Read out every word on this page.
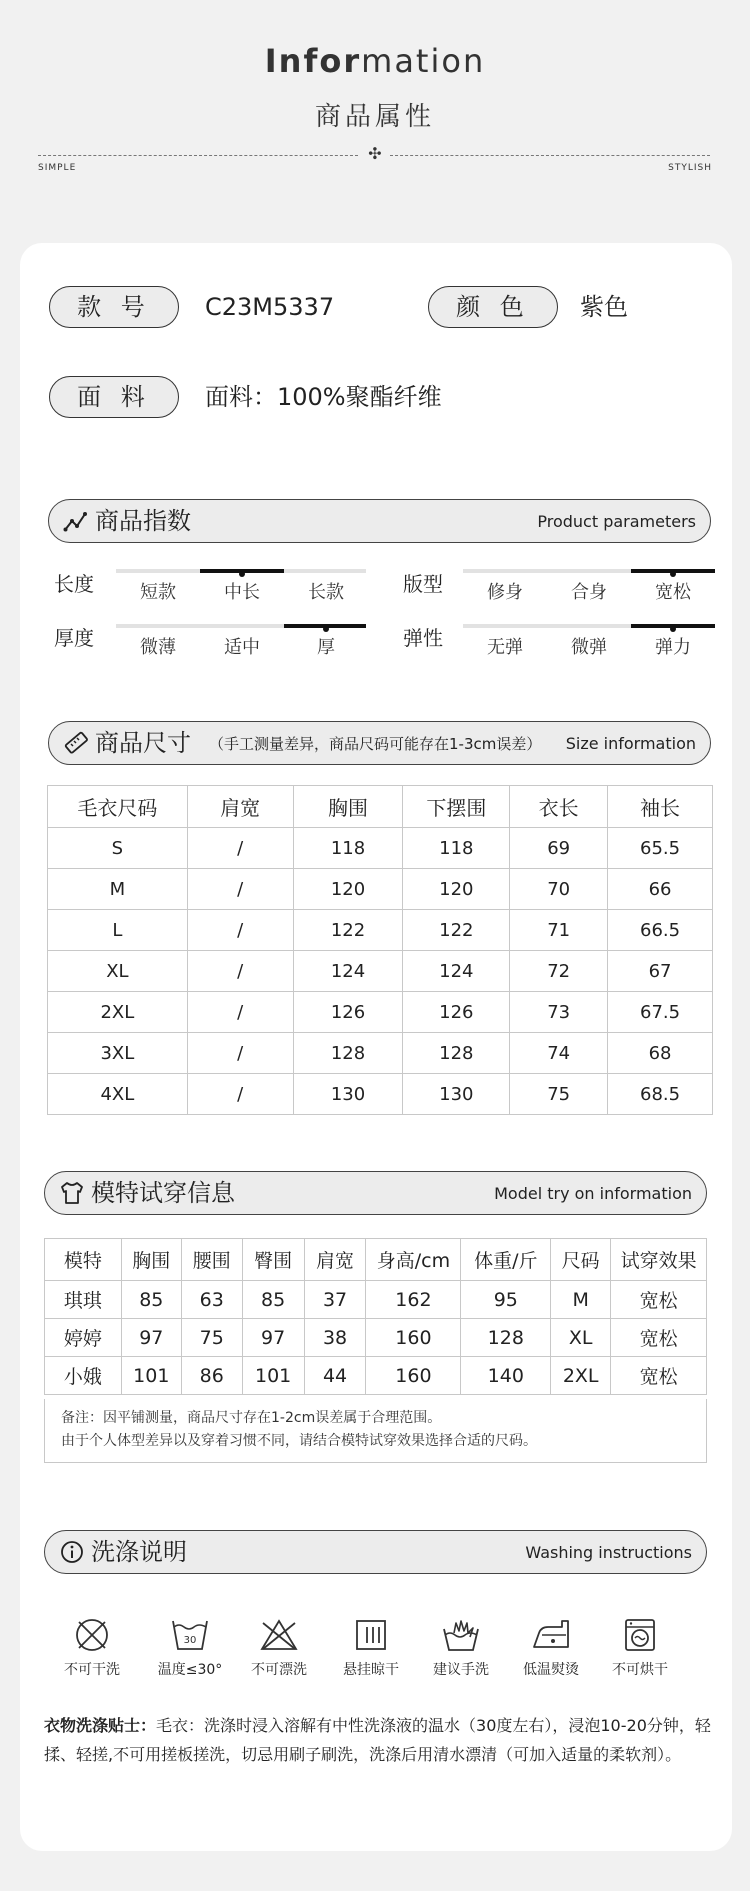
Information
商品属性
✣
SIMPLE	STYLISH
款 号	C23M5337	颜 色	紫色
面 料	面料：100%聚酯纤维
商品指数	Product parameters
长度	短款	中长	长款	版型	修身	合身	宽松
厚度	微薄	适中	厚	弹性	无弹	微弹	弹力
商品尺寸 （手工测量差异，商品尺码可能存在1-3cm误差） Size information
毛衣尺码	肩宽	胸围	下摆围	衣长	袖长
S	/	118	118	69	65.5
M	/	120	120	70	66
L	/	122	122	71	66.5
XL	/	124	124	72	67
2XL	/	126	126	73	67.5
3XL	/	128	128	74	68
4XL	/	130	130	75	68.5
模特试穿信息	Model try on information
模特	胸围	腰围	臀围	肩宽	身高/cm	体重/斤	尺码	试穿效果
琪琪	85	63	85	37	162	95	M	宽松
婷婷	97	75	97	38	160	128	XL	宽松
小娥	101	86	101	44	160	140	2XL	宽松
备注：因平铺测量，商品尺寸存在1-2cm误差属于合理范围。
由于个人体型差异以及穿着习惯不同，请结合模特试穿效果选择合适的尺码。
洗涤说明	Washing instructions
不可干洗
30
温度≤30°	不可漂洗	悬挂晾干	建议手洗	低温熨烫	不可烘干
衣物洗涤贴士：毛衣：洗涤时浸入溶解有中性洗涤液的温水（30度左右），浸泡10-20分钟，轻揉、轻搓,不可用搓板搓洗，切忌用刷子刷洗，洗涤后用清水漂清（可加入适量的柔软剂）。
